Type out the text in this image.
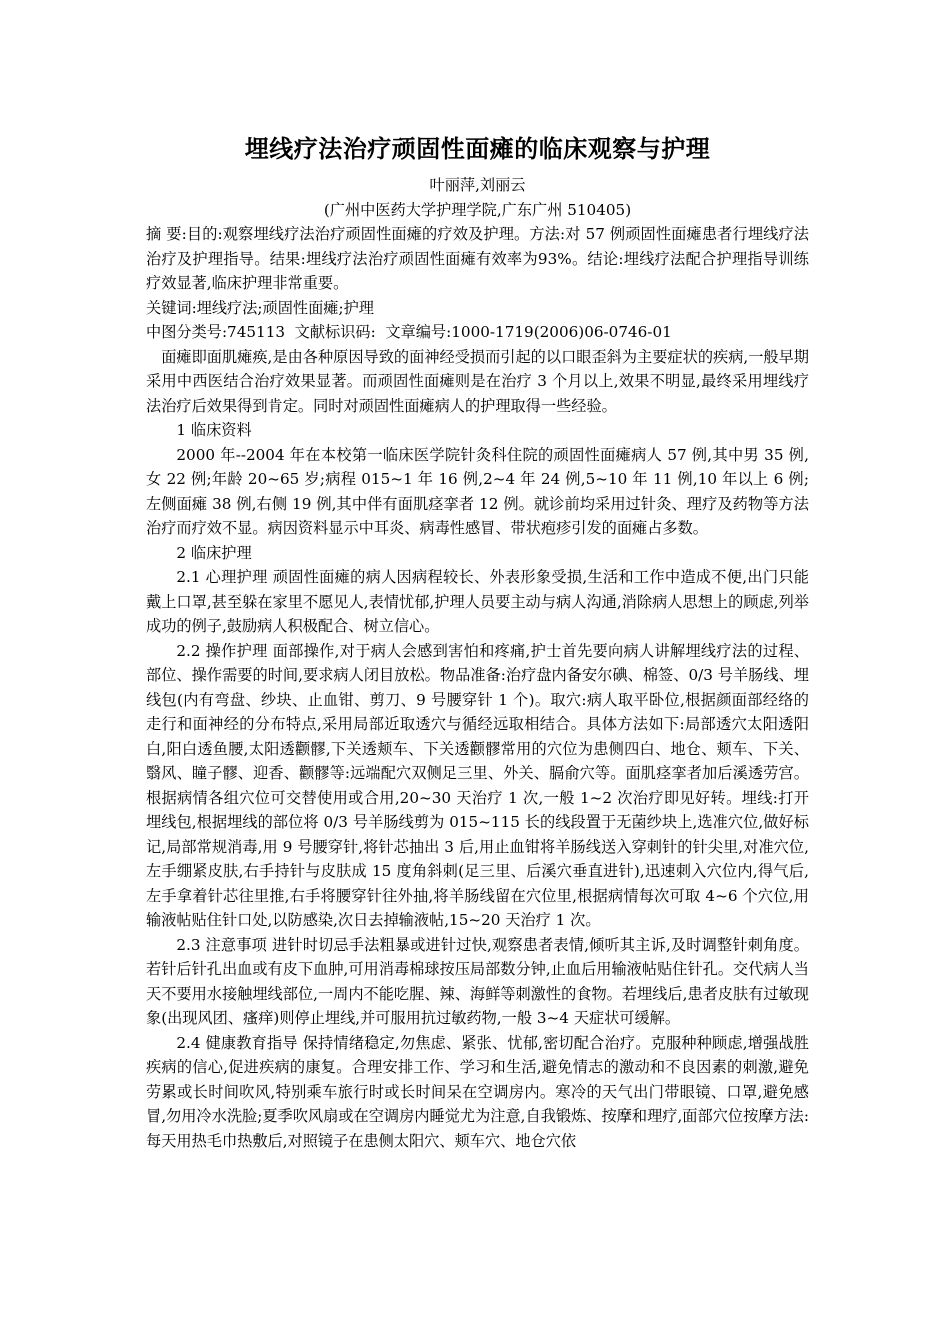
埋线疗法治疗顽固性面瘫的临床观察与护理

叶丽萍,刘丽云

(广州中医药大学护理学院,广东广州 510405)

摘 要:目的:观察埋线疗法治疗顽固性面瘫的疗效及护理。方法:对 57 例顽固性面瘫患者行埋线疗法治疗及护理指导。结果:埋线疗法治疗顽固性面瘫有效率为93%。结论:埋线疗法配合护理指导训练疗效显著,临床护理非常重要。

关键词:埋线疗法;顽固性面瘫;护理

中图分类号:745113  文献标识码:  文章编号:1000-1719(2006)06-0746-01

面瘫即面肌瘫痪,是由各种原因导致的面神经受损而引起的以口眼歪斜为主要症状的疾病,一般早期采用中西医结合治疗效果显著。而顽固性面瘫则是在治疗 3 个月以上,效果不明显,最终采用埋线疗法治疗后效果得到肯定。同时对顽固性面瘫病人的护理取得一些经验。

1 临床资料

2000 年--2004 年在本校第一临床医学院针灸科住院的顽固性面瘫病人 57 例,其中男 35 例,女 22 例;年龄 20~65 岁;病程 015~1 年 16 例,2~4 年 24 例,5~10 年 11 例,10 年以上 6 例;左侧面瘫 38 例,右侧 19 例,其中伴有面肌痉挛者 12 例。就诊前均采用过针灸、理疗及药物等方法治疗而疗效不显。病因资料显示中耳炎、病毒性感冒、带状疱疹引发的面瘫占多数。

2 临床护理

2.1 心理护理 顽固性面瘫的病人因病程较长、外表形象受损,生活和工作中造成不便,出门只能戴上口罩,甚至躲在家里不愿见人,表情忧郁,护理人员要主动与病人沟通,消除病人思想上的顾虑,列举成功的例子,鼓励病人积极配合、树立信心。

2.2 操作护理 面部操作,对于病人会感到害怕和疼痛,护士首先要向病人讲解埋线疗法的过程、部位、操作需要的时间,要求病人闭目放松。物品准备:治疗盘内备安尔碘、棉签、0/3 号羊肠线、埋线包(内有弯盘、纱块、止血钳、剪刀、9 号腰穿针 1 个)。取穴:病人取平卧位,根据颜面部经络的走行和面神经的分布特点,采用局部近取透穴与循经远取相结合。具体方法如下:局部透穴太阳透阳白,阳白透鱼腰,太阳透颧髎,下关透颊车、下关透颧髎常用的穴位为患侧四白、地仓、颊车、下关、翳风、瞳子髎、迎香、颧髎等:远端配穴双侧足三里、外关、膈俞穴等。面肌痉挛者加后溪透劳宫。根据病情各组穴位可交替使用或合用,20~30 天治疗 1 次,一般 1~2 次治疗即见好转。埋线:打开埋线包,根据埋线的部位将 0/3 号羊肠线剪为 015~115 长的线段置于无菌纱块上,选准穴位,做好标记,局部常规消毒,用 9 号腰穿针,将针芯抽出 3 后,用止血钳将羊肠线送入穿刺针的针尖里,对准穴位,左手绷紧皮肤,右手持针与皮肤成 15 度角斜刺(足三里、后溪穴垂直进针),迅速刺入穴位内,得气后,左手拿着针芯往里推,右手将腰穿针往外抽,将羊肠线留在穴位里,根据病情每次可取 4~6 个穴位,用输液帖贴住针口处,以防感染,次日去掉输液帖,15~20 天治疗 1 次。

2.3 注意事项 进针时切忌手法粗暴或进针过快,观察患者表情,倾听其主诉,及时调整针刺角度。若针后针孔出血或有皮下血肿,可用消毒棉球按压局部数分钟,止血后用输液帖贴住针孔。交代病人当天不要用水接触埋线部位,一周内不能吃腥、辣、海鲜等刺激性的食物。若埋线后,患者皮肤有过敏现象(出现风团、瘙痒)则停止埋线,并可服用抗过敏药物,一般 3~4 天症状可缓解。

2.4 健康教育指导 保持情绪稳定,勿焦虑、紧张、忧郁,密切配合治疗。克服种种顾虑,增强战胜疾病的信心,促进疾病的康复。合理安排工作、学习和生活,避免情志的激动和不良因素的刺激,避免劳累或长时间吹风,特别乘车旅行时或长时间呆在空调房内。寒冷的天气出门带眼镜、口罩,避免感冒,勿用冷水洗脸;夏季吹风扇或在空调房内睡觉尤为注意,自我锻炼、按摩和理疗,面部穴位按摩方法:每天用热毛巾热敷后,对照镜子在患侧太阳穴、颊车穴、地仓穴依
